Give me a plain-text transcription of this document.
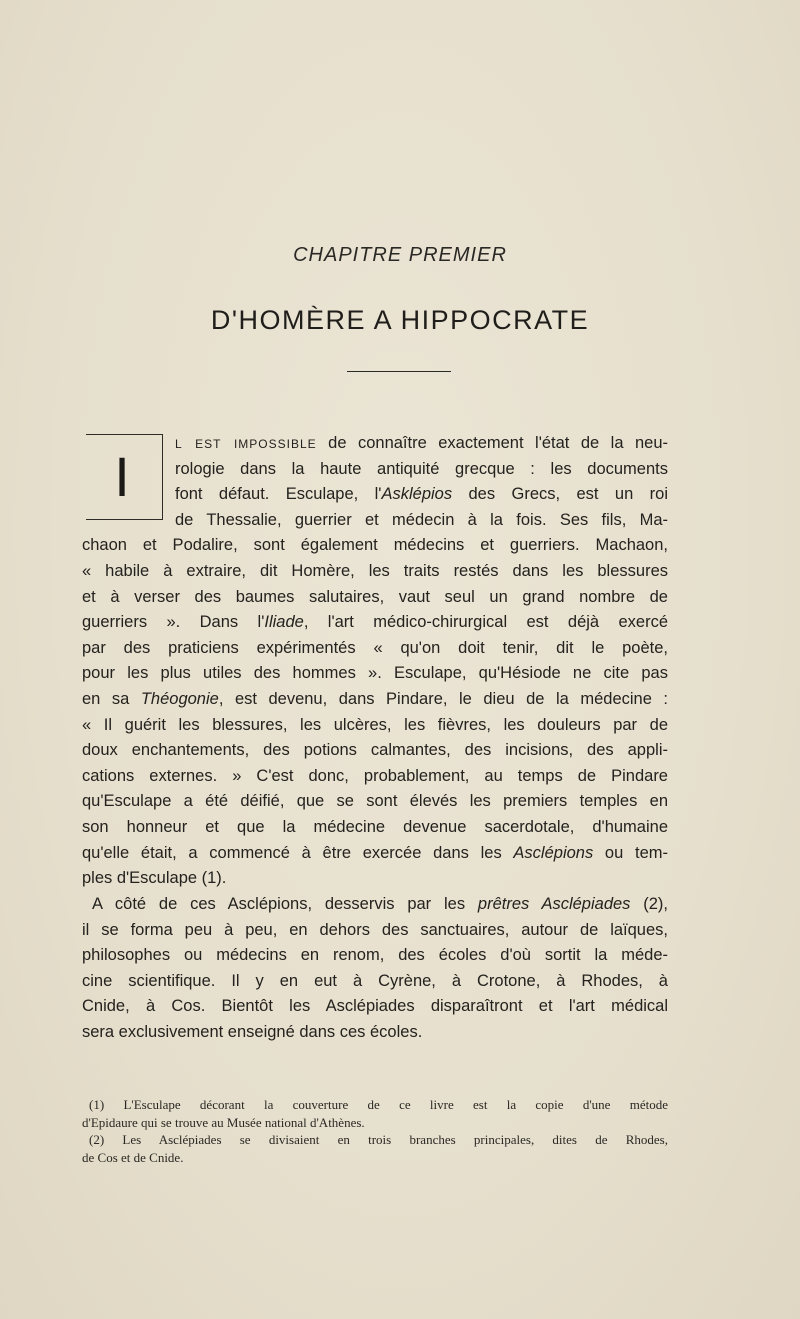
CHAPITRE PREMIER
D'HOMÈRE A HIPPOCRATE
I
l est impossible de connaître exactement l'état de la neu-
rologie dans la haute antiquité grecque : les documents
font défaut. Esculape, l'Asklépios des Grecs, est un roi
de Thessalie, guerrier et médecin à la fois. Ses fils, Ma-
chaon et Podalire, sont également médecins et guerriers. Machaon,
« habile à extraire, dit Homère, les traits restés dans les blessures
et à verser des baumes salutaires, vaut seul un grand nombre de
guerriers ». Dans l'Iliade, l'art médico-chirurgical est déjà exercé
par des praticiens expérimentés « qu'on doit tenir, dit le poète,
pour les plus utiles des hommes ». Esculape, qu'Hésiode ne cite pas
en sa Théogonie, est devenu, dans Pindare, le dieu de la médecine :
« Il guérit les blessures, les ulcères, les fièvres, les douleurs par de
doux enchantements, des potions calmantes, des incisions, des appli-
cations externes. » C'est donc, probablement, au temps de Pindare
qu'Esculape a été déifié, que se sont élevés les premiers temples en
son honneur et que la médecine devenue sacerdotale, d'humaine
qu'elle était, a commencé à être exercée dans les Asclépions ou tem-
ples d'Esculape (1).
A côté de ces Asclépions, desservis par les prêtres Asclépiades (2),
il se forma peu à peu, en dehors des sanctuaires, autour de laïques,
philosophes ou médecins en renom, des écoles d'où sortit la méde-
cine scientifique. Il y en eut à Cyrène, à Crotone, à Rhodes, à
Cnide, à Cos. Bientôt les Asclépiades disparaîtront et l'art médical
sera exclusivement enseigné dans ces écoles.
(1) L'Esculape décorant la couverture de ce livre est la copie d'une métode
d'Epidaure qui se trouve au Musée national d'Athènes.
(2) Les Asclépiades se divisaient en trois branches principales, dites de Rhodes,
de Cos et de Cnide.
